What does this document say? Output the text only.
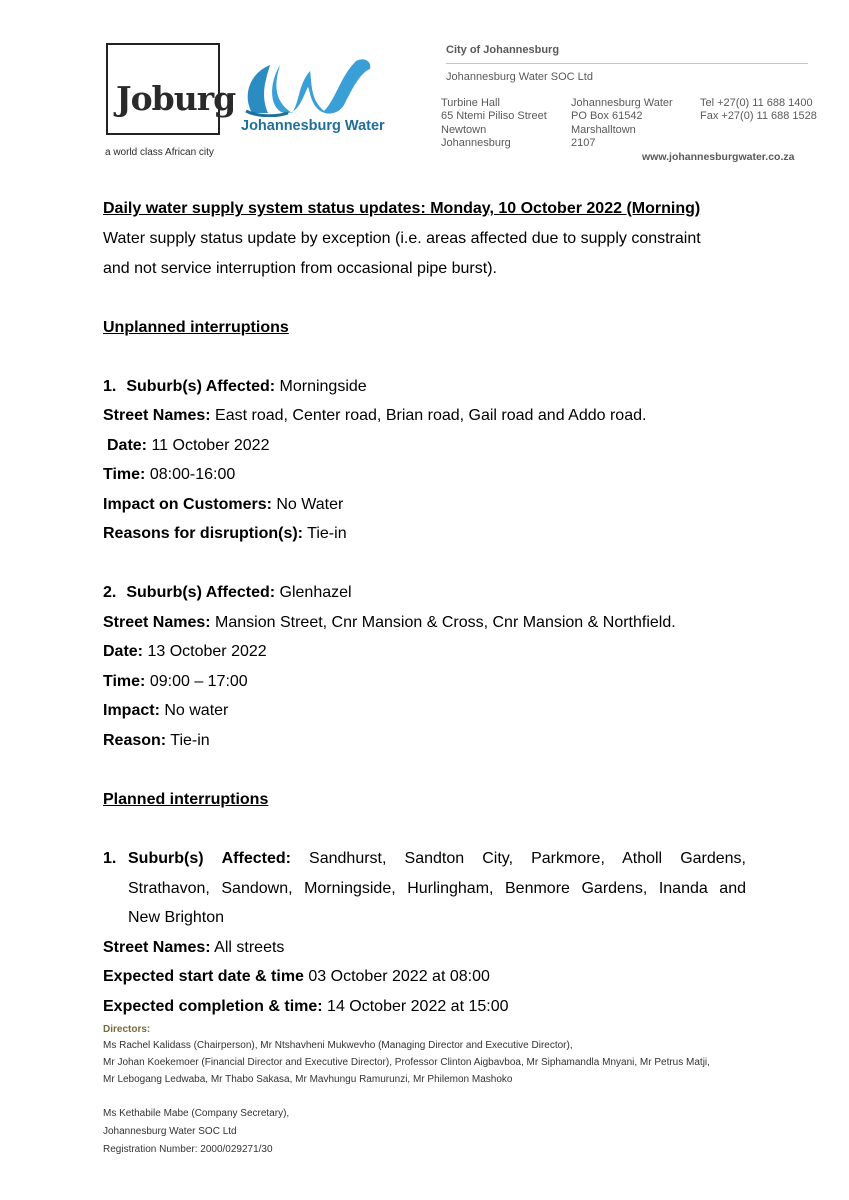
Joburg
a world class African city
Johannesburg Water
City of Johannesburg
Johannesburg Water SOC Ltd
Turbine Hall
65 Ntemi Piliso Street
Newtown
Johannesburg
Johannesburg Water
PO Box 61542
Marshalltown
2107
Tel +27(0) 11 688 1400
Fax +27(0) 11 688 1528
www.johannesburgwater.co.za
Daily water supply system status updates: Monday, 10 October 2022 (Morning)
Water supply status update by exception (i.e. areas affected due to supply constraint
and not service interruption from occasional pipe burst).
Unplanned interruptions
1. Suburb(s) Affected: Morningside
Street Names: East road, Center road, Brian road, Gail road and Addo road.
Date: 11 October 2022
Time: 08:00-16:00
Impact on Customers: No Water
Reasons for disruption(s): Tie-in
2. Suburb(s) Affected: Glenhazel
Street Names: Mansion Street, Cnr Mansion & Cross, Cnr Mansion & Northfield.
Date: 13 October 2022
Time: 09:00 – 17:00
Impact: No water
Reason: Tie-in
Planned interruptions
1. Suburb(s) Affected: Sandhurst, Sandton City, Parkmore, Atholl Gardens,
Strathavon, Sandown, Morningside, Hurlingham, Benmore Gardens, Inanda and
New Brighton
Street Names: All streets
Expected start date & time 03 October 2022 at 08:00
Expected completion & time: 14 October 2022 at 15:00
Directors:
Ms Rachel Kalidass (Chairperson), Mr Ntshavheni Mukwevho (Managing Director and Executive Director),
Mr Johan Koekemoer (Financial Director and Executive Director), Professor Clinton Aigbavboa, Mr Siphamandla Mnyani, Mr Petrus Matji,
Mr Lebogang Ledwaba, Mr Thabo Sakasa, Mr Mavhungu Ramurunzi, Mr Philemon Mashoko
Ms Kethabile Mabe (Company Secretary),
Johannesburg Water SOC Ltd
Registration Number: 2000/029271/30
